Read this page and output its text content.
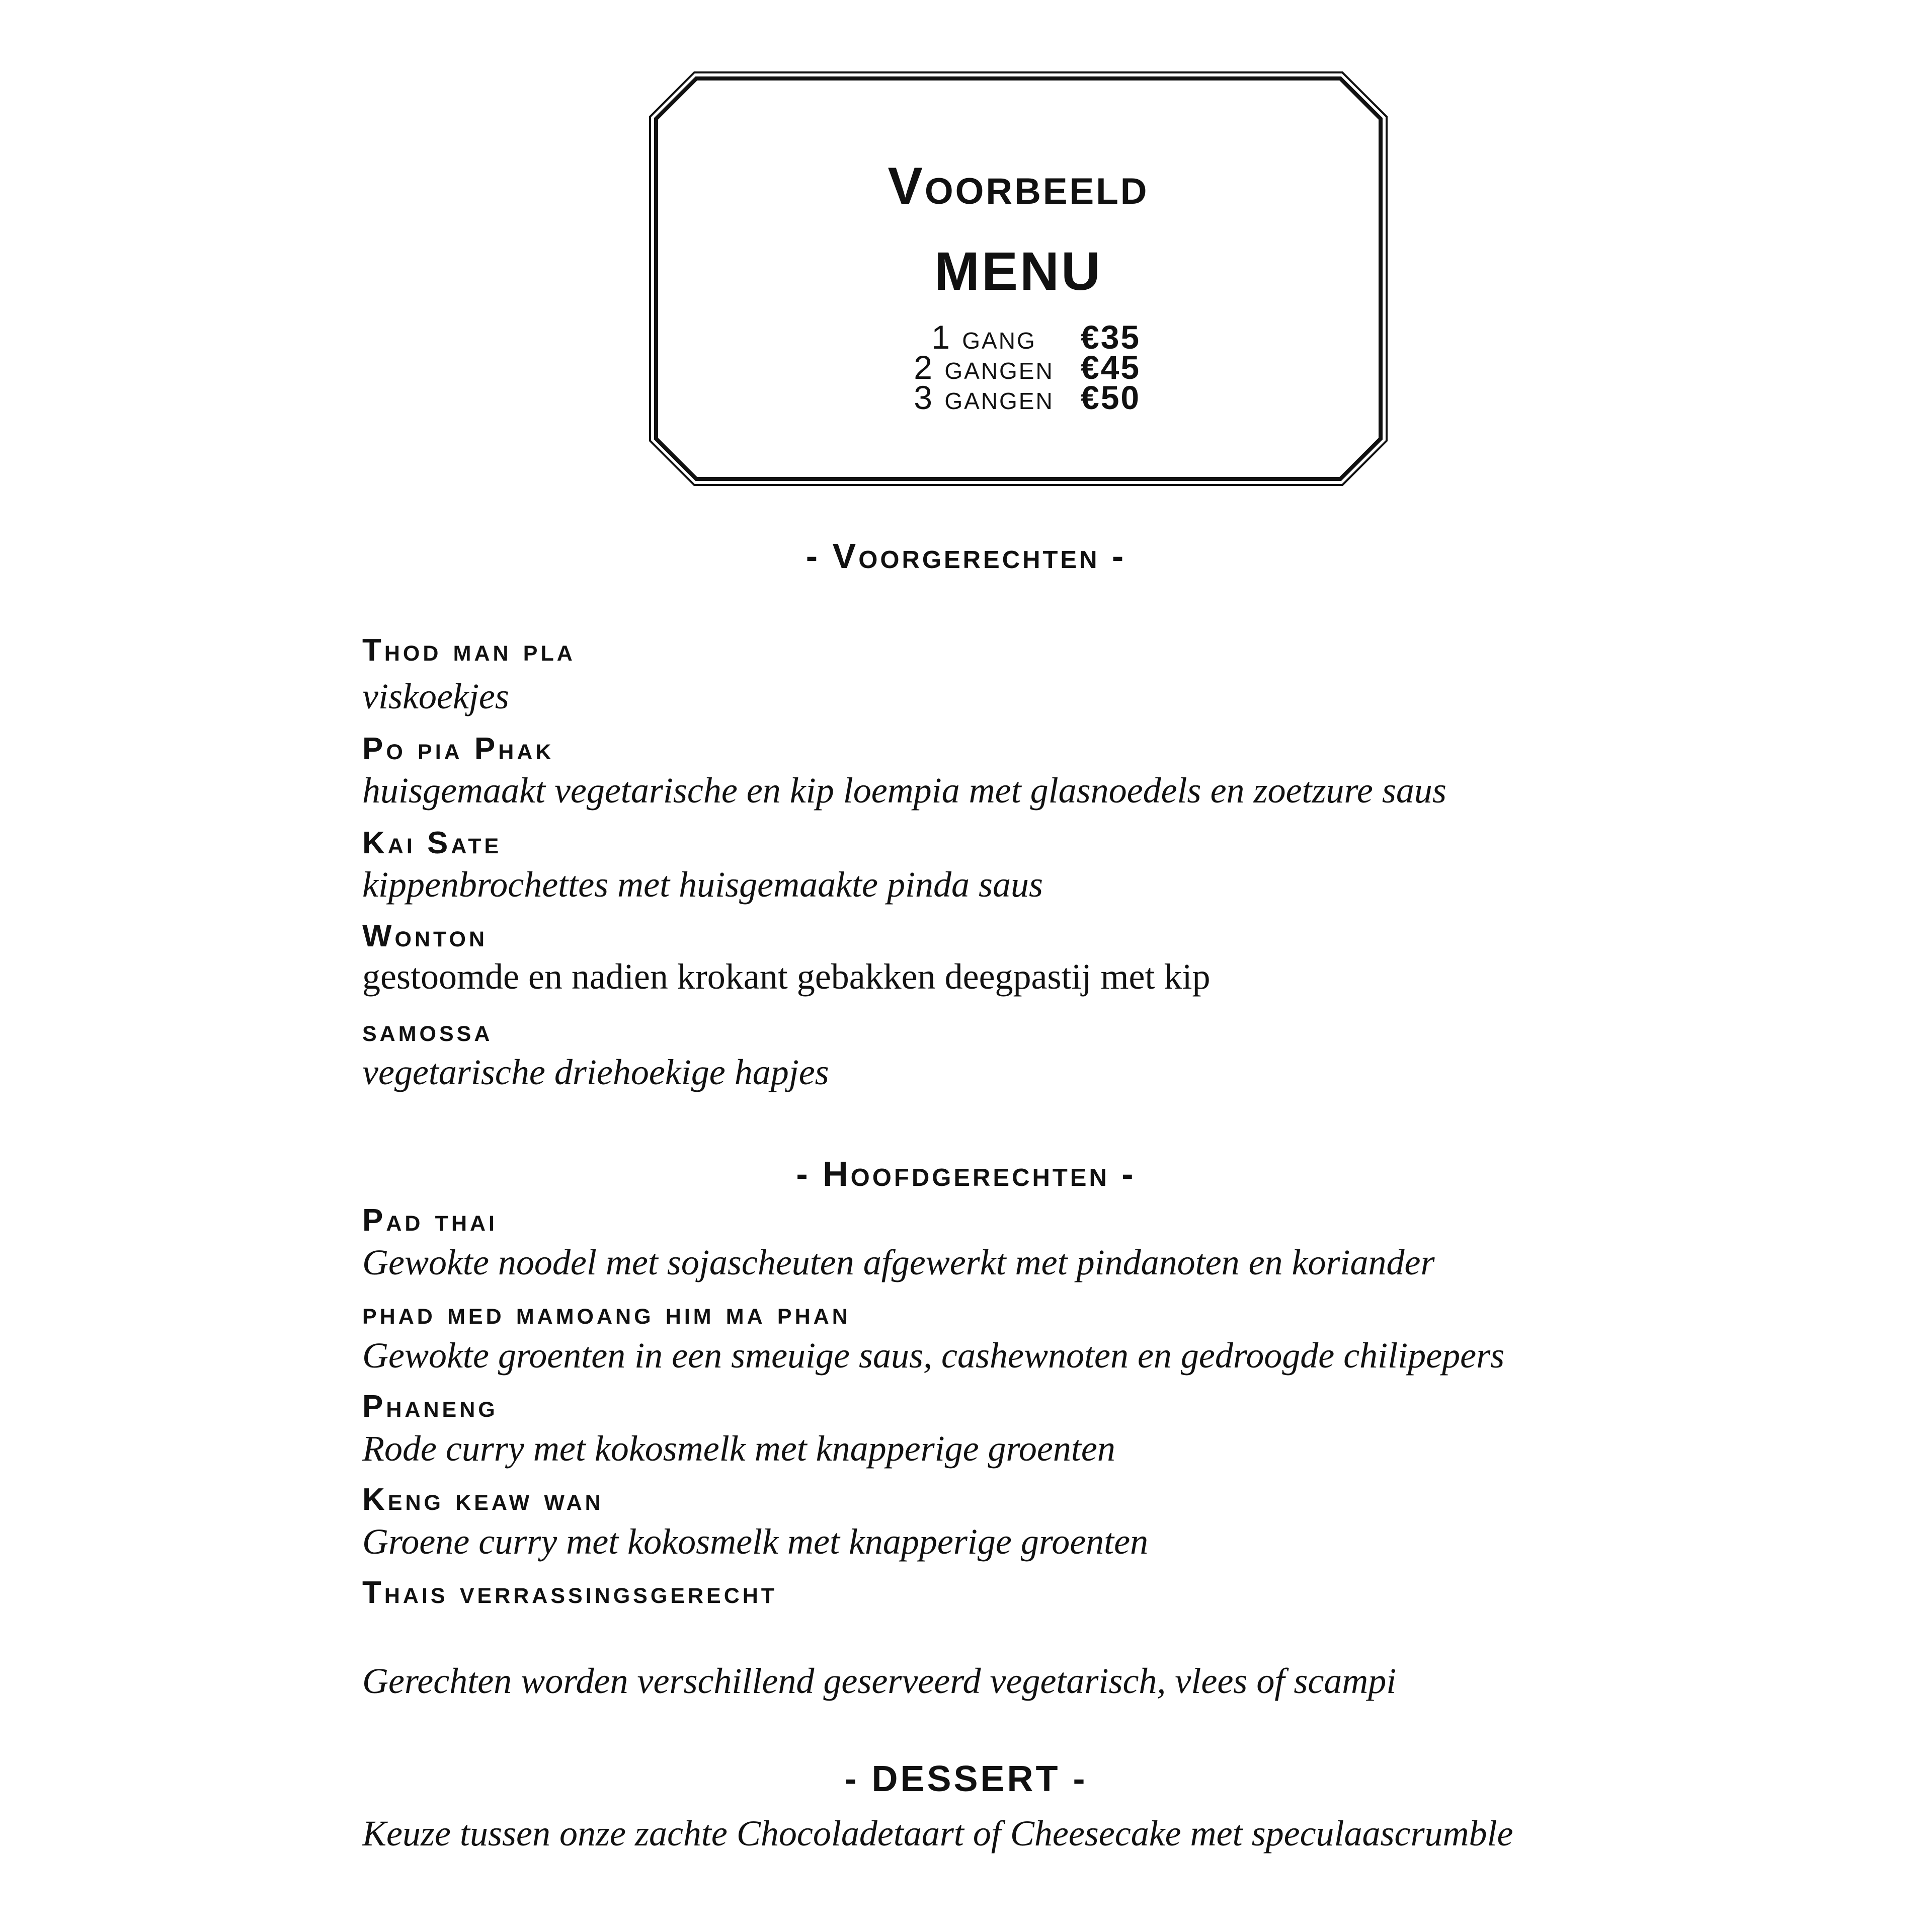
Voorbeeld
MENU
1 gang	€35
2 gangen €45
3 gangen €50
- Voorgerechten -
Thod man pla
viskoekjes
Po pia Phak
huisgemaakt vegetarische en kip loempia met glasnoedels en zoetzure saus
Kai Sate
kippenbrochettes met huisgemaakte pinda saus
Wonton
gestoomde en nadien krokant gebakken deegpastij met kip
samossa
vegetarische driehoekige hapjes
- Hoofdgerechten -
Pad thai
Gewokte noodel met sojascheuten afgewerkt met pindanoten en koriander
phad med mamoang him ma phan
Gewokte groenten in een smeuige saus, cashewnoten en gedroogde chilipepers
Phaneng
Rode curry met kokosmelk met knapperige groenten
Keng keaw wan
Groene curry met kokosmelk met knapperige groenten
Thais verrassingsgerecht
Gerechten worden verschillend geserveerd vegetarisch, vlees of scampi
- DESSERT -
Keuze tussen onze zachte Chocoladetaart of Cheesecake met speculaascrumble
